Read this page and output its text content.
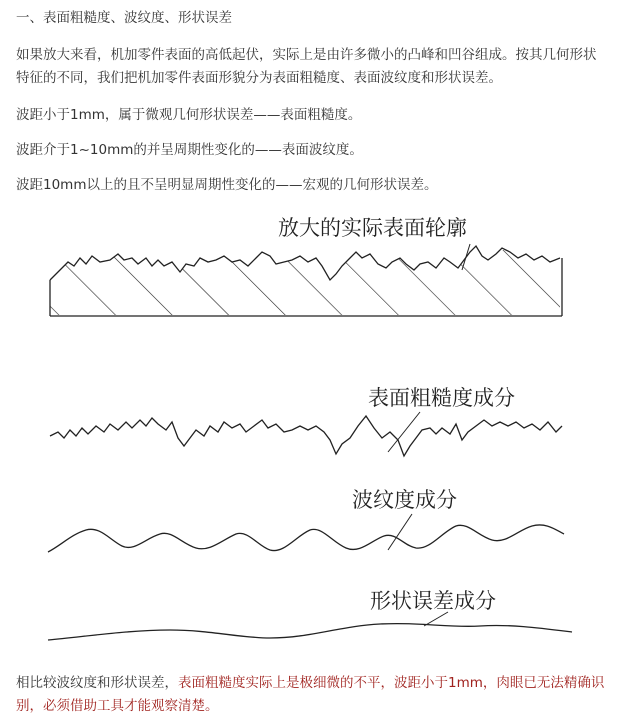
一、表面粗糙度、波纹度、形状误差
如果放大来看，机加零件表面的高低起伏，实际上是由许多微小的凸峰和凹谷组成。按其几何形状特征的不同，我们把机加零件表面形貌分为表面粗糙度、表面波纹度和形状误差。
波距小于1mm，属于微观几何形状误差——表面粗糙度。
波距介于1~10mm的并呈周期性变化的——表面波纹度。
波距10mm以上的且不呈明显周期性变化的——宏观的几何形状误差。
放大的实际表面轮廓
表面粗糙度成分
波纹度成分
形状误差成分
相比较波纹度和形状误差，表面粗糙度实际上是极细微的不平，波距小于1mm，肉眼已无法精确识别，必须借助工具才能观察清楚。
